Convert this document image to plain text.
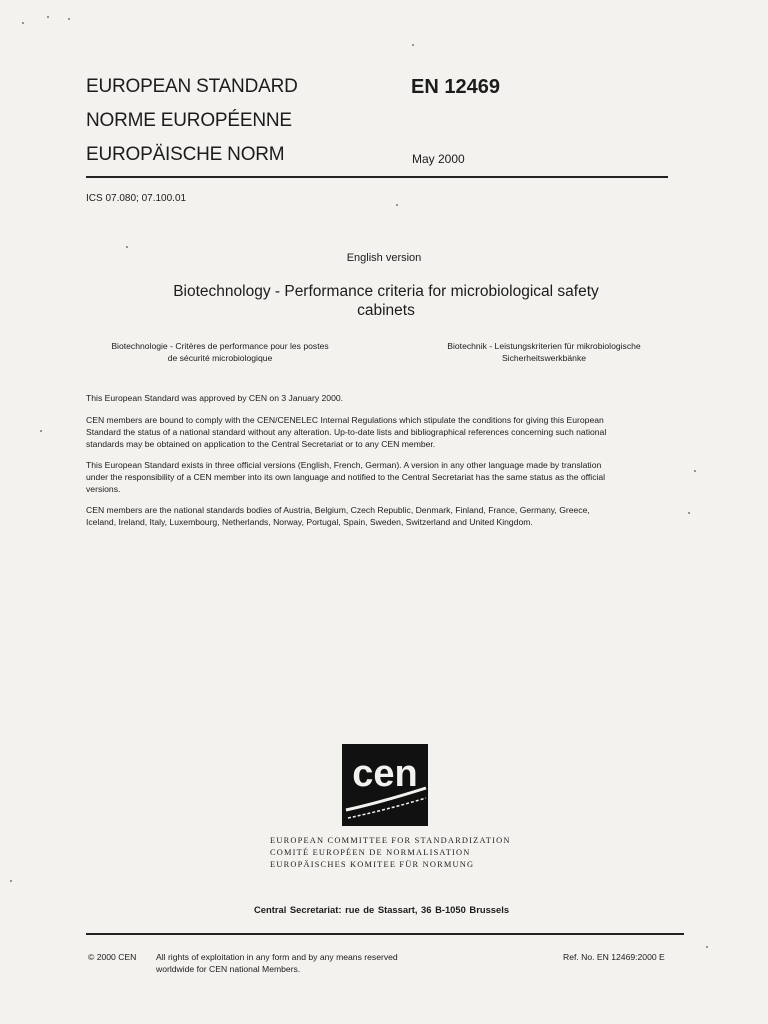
EUROPEAN STANDARD
NORME EUROPÉENNE
EUROPÄISCHE NORM
EN 12469
May 2000
ICS 07.080; 07.100.01
English version
Biotechnology - Performance criteria for microbiological safety
cabinets
Biotechnologie - Critères de performance pour les postes
de sécurité microbiologique
Biotechnik - Leistungskriterien für mikrobiologische
Sicherheitswerkbänke
This European Standard was approved by CEN on 3 January 2000.
CEN members are bound to comply with the CEN/CENELEC Internal Regulations which stipulate the conditions for giving this European
Standard the status of a national standard without any alteration. Up-to-date lists and bibliographical references concerning such national
standards may be obtained on application to the Central Secretariat or to any CEN member.
This European Standard exists in three official versions (English, French, German). A version in any other language made by translation
under the responsibility of a CEN member into its own language and notified to the Central Secretariat has the same status as the official
versions.
CEN members are the national standards bodies of Austria, Belgium, Czech Republic, Denmark, Finland, France, Germany, Greece,
Iceland, Ireland, Italy, Luxembourg, Netherlands, Norway, Portugal, Spain, Sweden, Switzerland and United Kingdom.
cen
EUROPEAN COMMITTEE FOR STANDARDIZATION
COMITÉ EUROPÉEN DE NORMALISATION
EUROPÄISCHES KOMITEE FÜR NORMUNG
Central Secretariat: rue de Stassart, 36 B-1050 Brussels
© 2000 CEN All rights of exploitation in any form and by any means reserved
worldwide for CEN national Members.
Ref. No. EN 12469:2000 E
